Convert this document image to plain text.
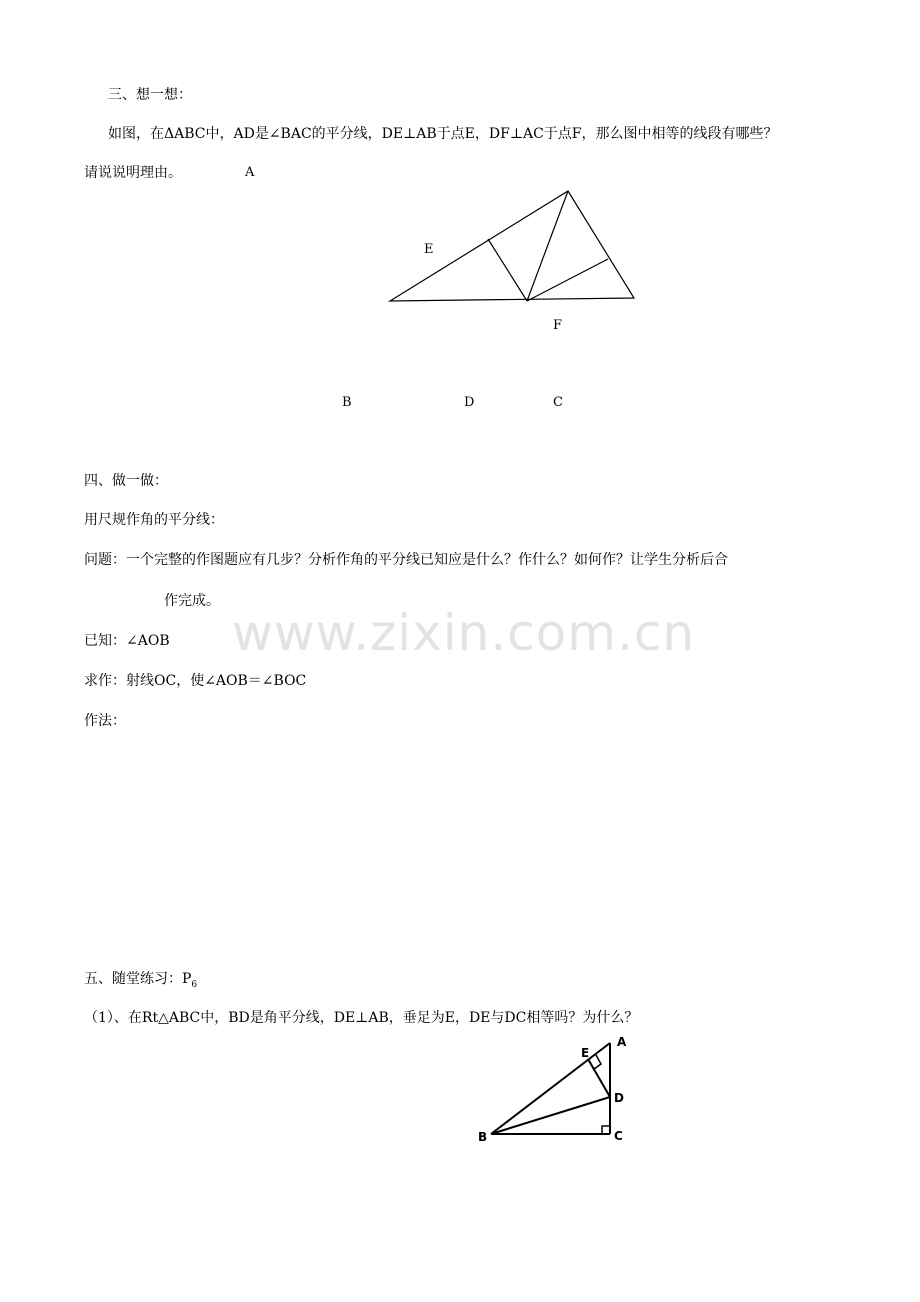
www.zixin.com.cn
三、想一想：
如图，在ΔABC中，AD是∠BAC的平分线，DE⊥AB于点E，DF⊥AC于点F，那么图中相等的线段有哪些？
请说说明理由。	A
E
F
B	D	C
四、做一做：
用尺规作角的平分线：
问题：一个完整的作图题应有几步？分析作角的平分线已知应是什么？作什么？如何作？让学生分析后合
作完成。
已知：∠AOB
求作：射线OC，使∠AOB＝∠BOC
作法：
五、随堂练习：$P_6$
（1）、在Rt△ABC中，BD是角平分线，DE⊥AB，垂足为E，DE与DC相等吗？为什么？
E
A
D
B	C
